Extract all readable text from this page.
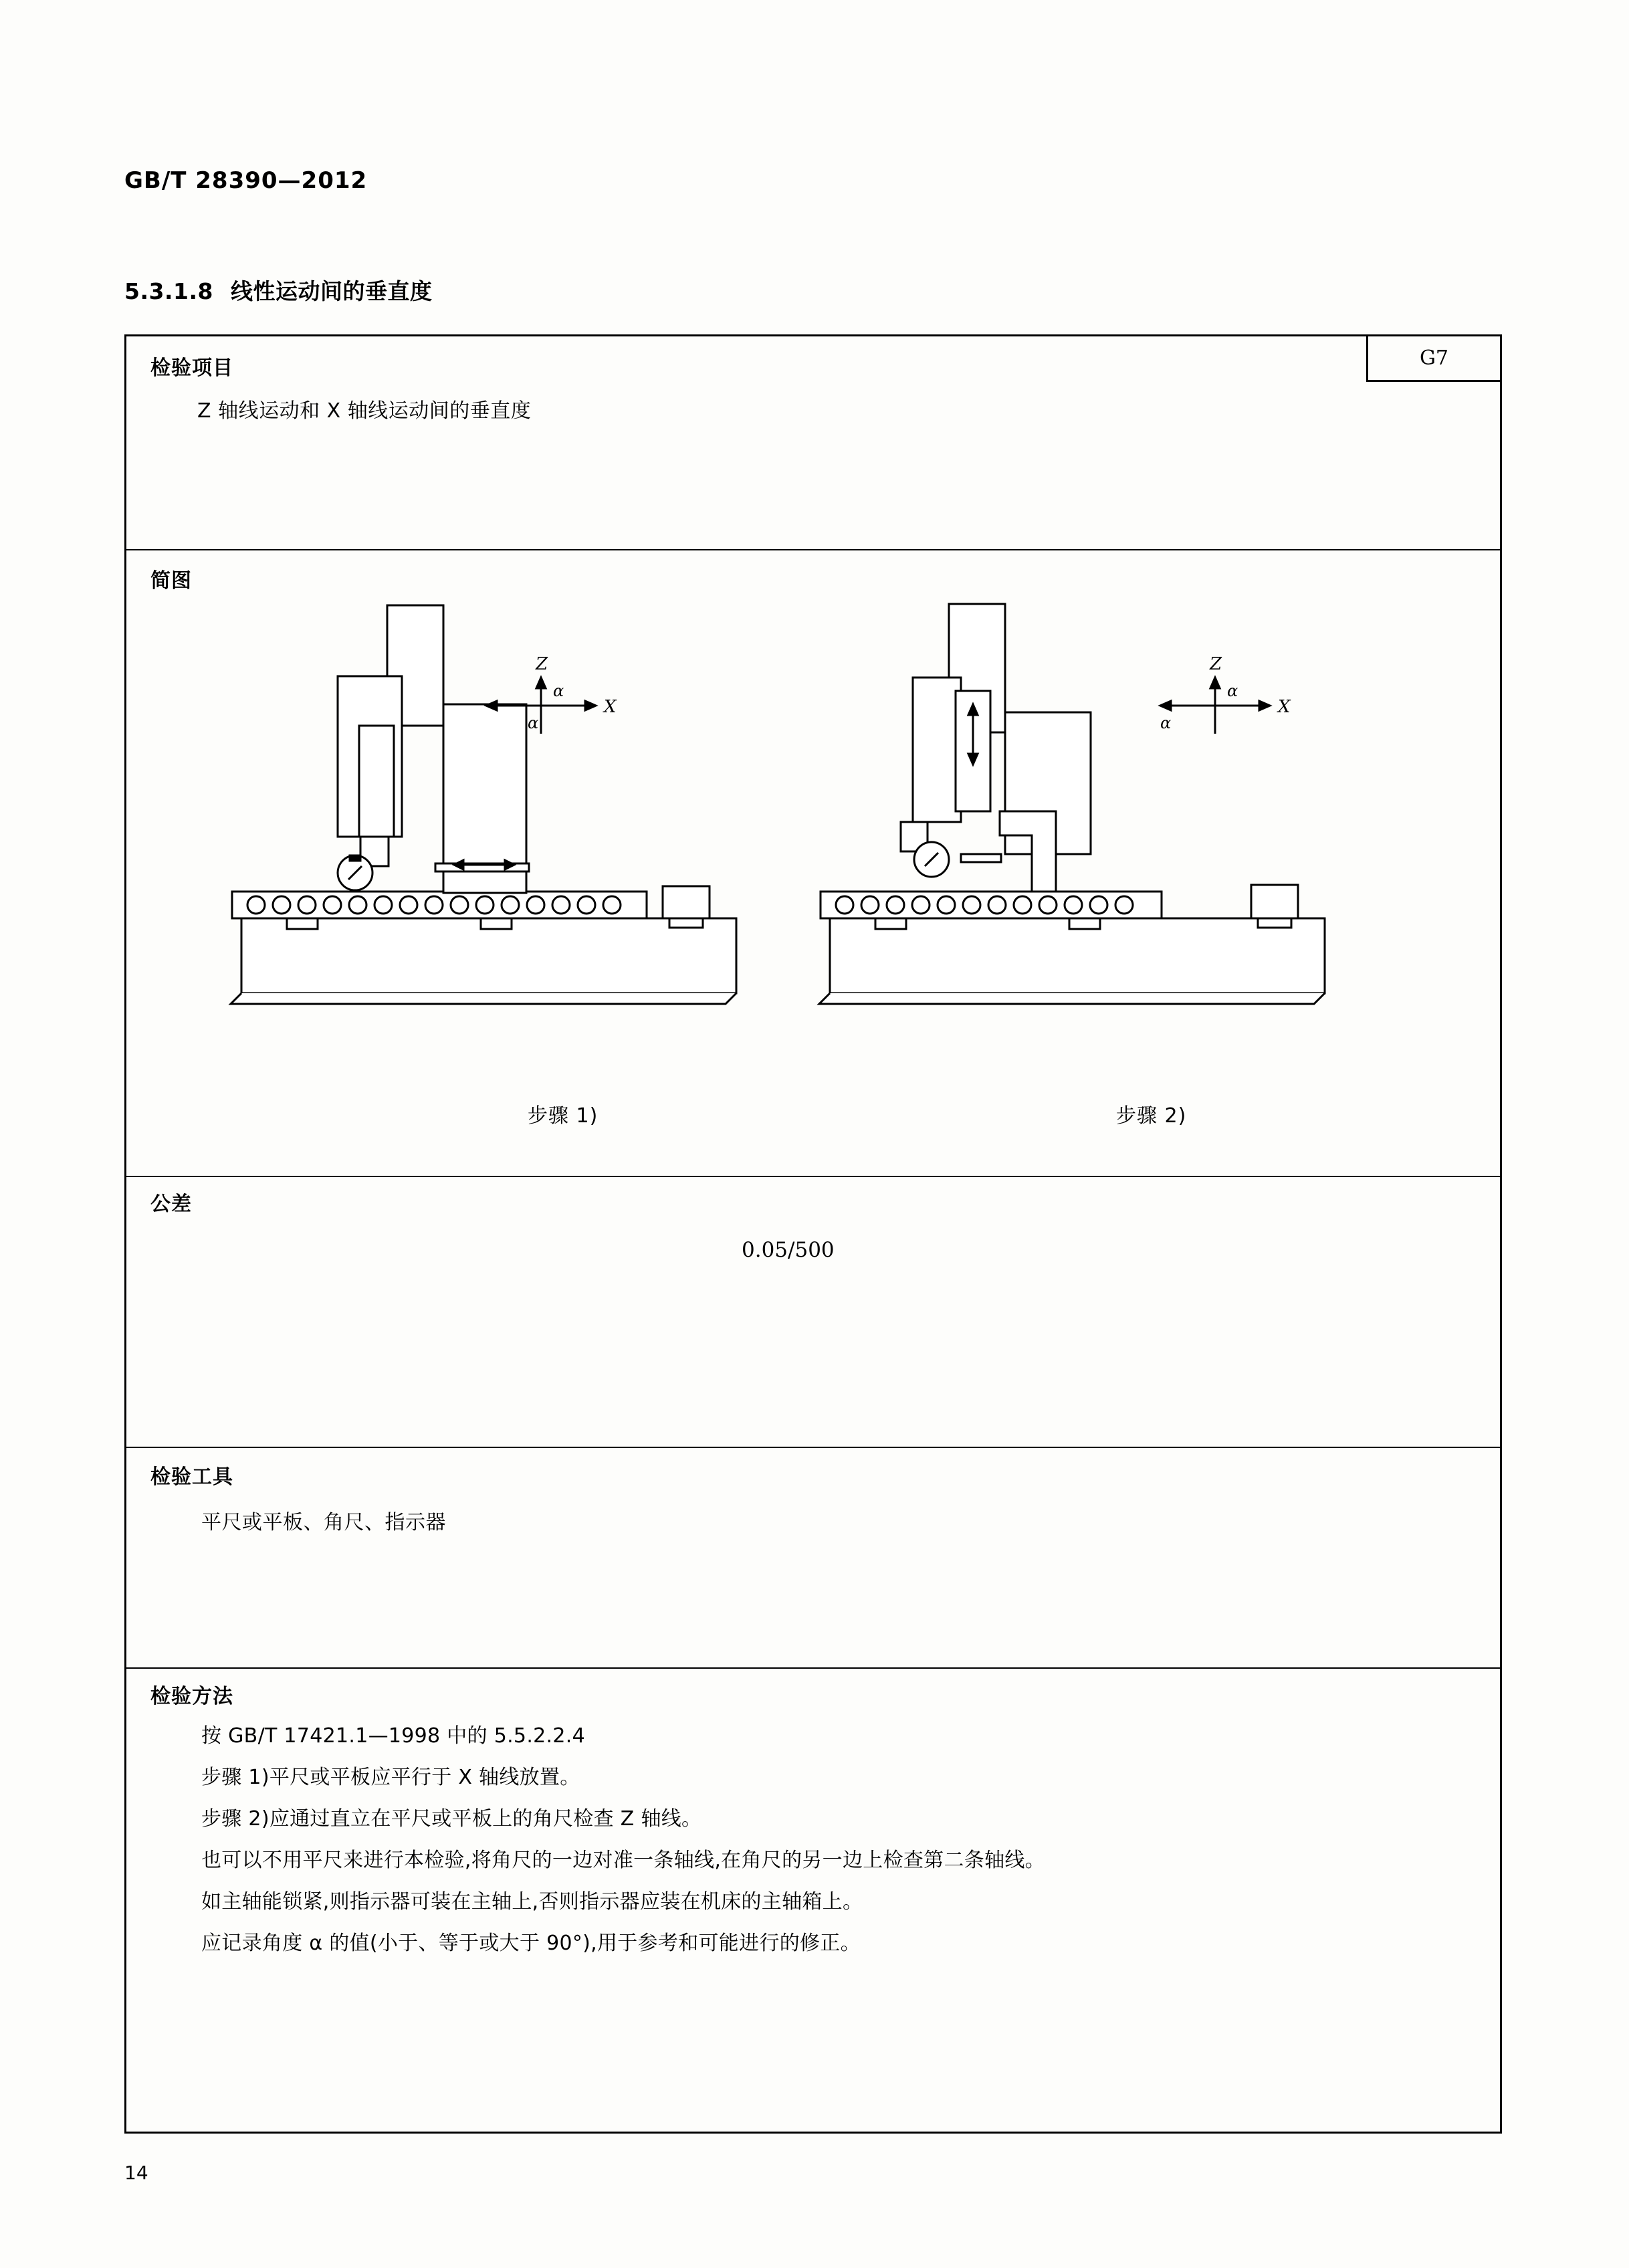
GB/T 28390—2012
5.3.1.8 线性运动间的垂直度
G7
检验项目
Z 轴线运动和 X 轴线运动间的垂直度
简图
Z
X
α
α
Z
X
α
α
步骤 1)	步骤 2)
公差
0.05/500
检验工具
平尺或平板、角尺、指示器
检验方法
按 GB/T 17421.1—1998 中的 5.5.2.2.4
步骤 1)平尺或平板应平行于 X 轴线放置。
步骤 2)应通过直立在平尺或平板上的角尺检查 Z 轴线。
也可以不用平尺来进行本检验,将角尺的一边对准一条轴线,在角尺的另一边上检查第二条轴线。
如主轴能锁紧,则指示器可装在主轴上,否则指示器应装在机床的主轴箱上。
应记录角度 α 的值(小于、等于或大于 90°),用于参考和可能进行的修正。
14
